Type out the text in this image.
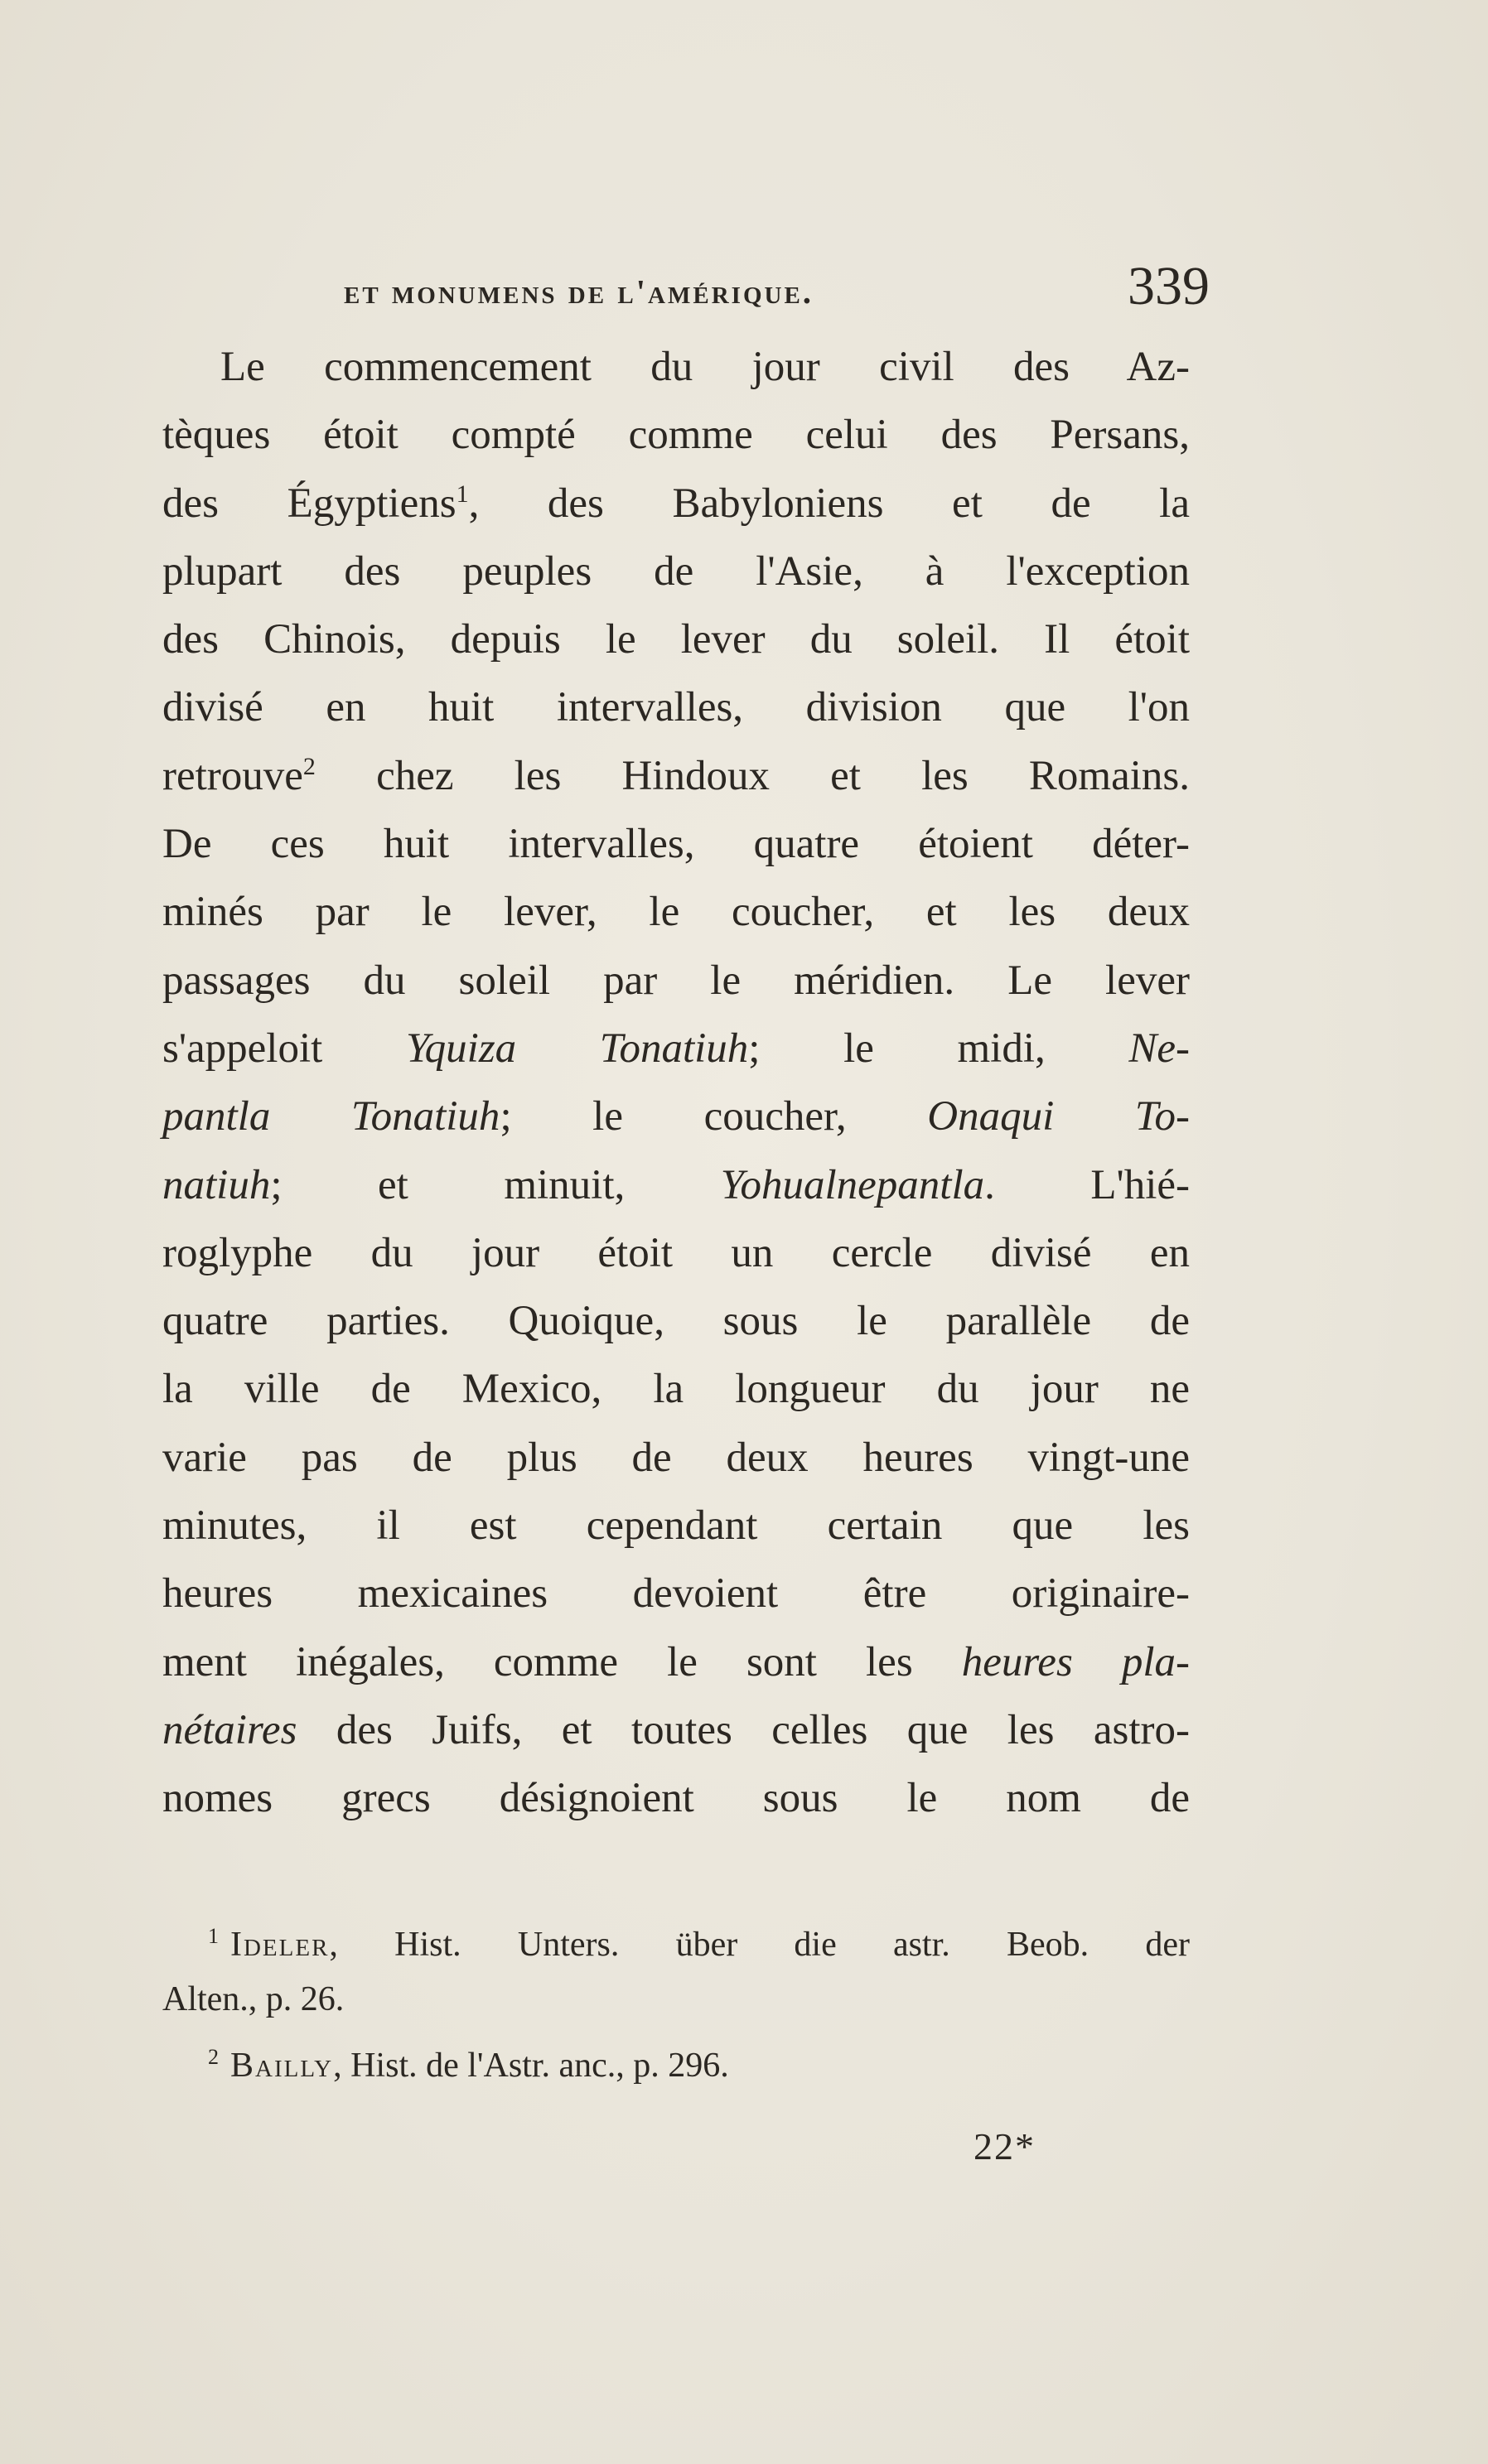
et monumens de l'amérique.	339
Le commencement du jour civil des Az-
tèques étoit compté comme celui des Persans,
des Égyptiens$^1$, des Babyloniens et de la
plupart des peuples de l'Asie, à l'exception
des Chinois, depuis le lever du soleil. Il étoit
divisé en huit intervalles, division que l'on
retrouve$^2$ chez les Hindoux et les Romains.
De ces huit intervalles, quatre étoient déter-
minés par le lever, le coucher, et les deux
passages du soleil par le méridien. Le lever
s'appeloit Yquiza Tonatiuh; le midi, Ne-
pantla Tonatiuh; le coucher, Onaqui To-
natiuh; et minuit, Yohualnepantla. L'hié-
roglyphe du jour étoit un cercle divisé en
quatre parties. Quoique, sous le parallèle de
la ville de Mexico, la longueur du jour ne
varie pas de plus de deux heures vingt-une
minutes, il est cependant certain que les
heures mexicaines devoient être originaire-
ment inégales, comme le sont les heures pla-
nétaires des Juifs, et toutes celles que les astro-
nomes grecs désignoient sous le nom de
$^1$ Ideler, Hist. Unters. über die astr. Beob. der
Alten., p. 26.
$^2$ Bailly, Hist. de l'Astr. anc., p. 296.
22*
